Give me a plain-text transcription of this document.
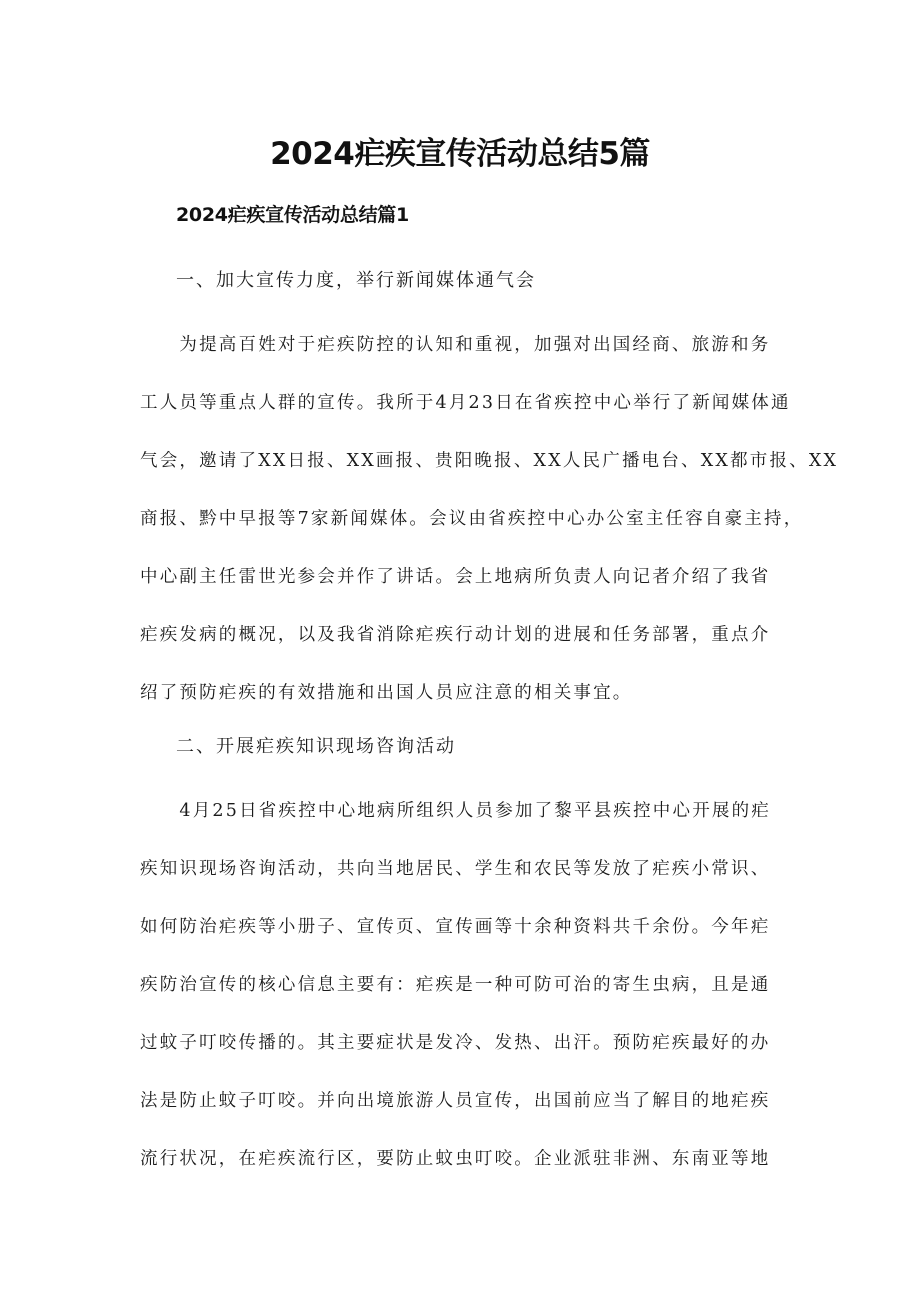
2024疟疾宣传活动总结5篇
2024疟疾宣传活动总结篇1

一、加大宣传力度，举行新闻媒体通气会

　　为提高百姓对于疟疾防控的认知和重视，加强对出国经商、旅游和务
工人员等重点人群的宣传。我所于4月23日在省疾控中心举行了新闻媒体通
气会，邀请了XX日报、XX画报、贵阳晚报、XX人民广播电台、XX都市报、XX
商报、黔中早报等7家新闻媒体。会议由省疾控中心办公室主任容自豪主持，
中心副主任雷世光参会并作了讲话。会上地病所负责人向记者介绍了我省
疟疾发病的概况，以及我省消除疟疾行动计划的进展和任务部署，重点介
绍了预防疟疾的有效措施和出国人员应注意的相关事宜。

二、开展疟疾知识现场咨询活动

　　4月25日省疾控中心地病所组织人员参加了黎平县疾控中心开展的疟
疾知识现场咨询活动，共向当地居民、学生和农民等发放了疟疾小常识、
如何防治疟疾等小册子、宣传页、宣传画等十余种资料共千余份。今年疟
疾防治宣传的核心信息主要有：疟疾是一种可防可治的寄生虫病，且是通
过蚊子叮咬传播的。其主要症状是发冷、发热、出汗。预防疟疾最好的办
法是防止蚊子叮咬。并向出境旅游人员宣传，出国前应当了解目的地疟疾
流行状况，在疟疾流行区，要防止蚊虫叮咬。企业派驻非洲、东南亚等地
